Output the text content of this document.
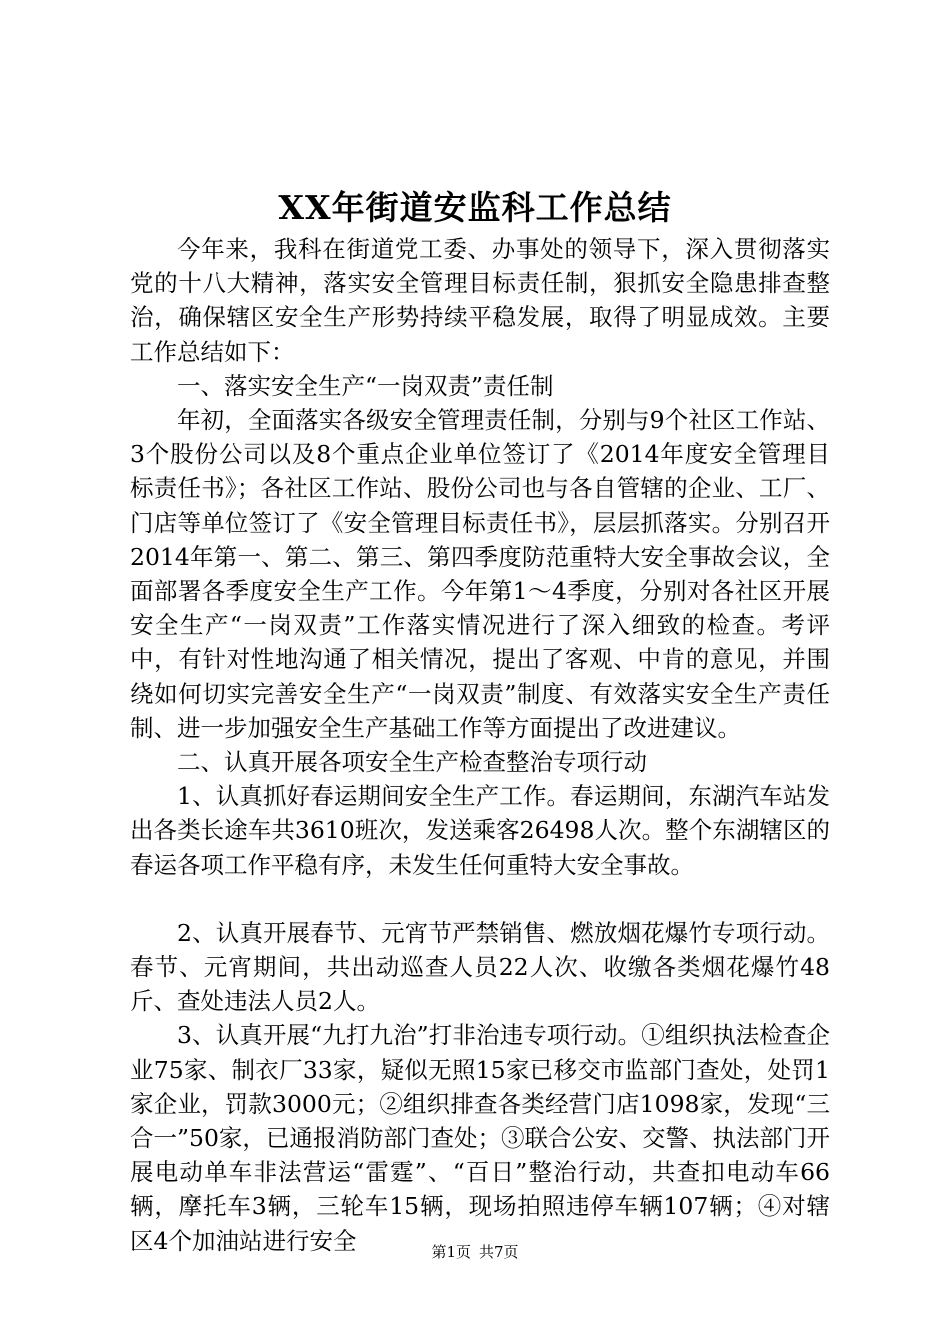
XX年街道安监科工作总结

今年来，我科在街道党工委、办事处的领导下，深入贯彻落实党的十八大精神，落实安全管理目标责任制，狠抓安全隐患排查整治，确保辖区安全生产形势持续平稳发展，取得了明显成效。主要工作总结如下：

一、落实安全生产“一岗双责”责任制

年初，全面落实各级安全管理责任制，分别与9个社区工作站、3个股份公司以及8个重点企业单位签订了《2014年度安全管理目标责任书》；各社区工作站、股份公司也与各自管辖的企业、工厂、门店等单位签订了《安全管理目标责任书》，层层抓落实。分别召开2014年第一、第二、第三、第四季度防范重特大安全事故会议，全面部署各季度安全生产工作。今年第1～4季度，分别对各社区开展安全生产“一岗双责”工作落实情况进行了深入细致的检查。考评中，有针对性地沟通了相关情况，提出了客观、中肯的意见，并围绕如何切实完善安全生产“一岗双责”制度、有效落实安全生产责任制、进一步加强安全生产基础工作等方面提出了改进建议。

二、认真开展各项安全生产检查整治专项行动

1、认真抓好春运期间安全生产工作。春运期间，东湖汽车站发出各类长途车共3610班次，发送乘客26498人次。整个东湖辖区的春运各项工作平稳有序，未发生任何重特大安全事故。

2、认真开展春节、元宵节严禁销售、燃放烟花爆竹专项行动。春节、元宵期间，共出动巡查人员22人次、收缴各类烟花爆竹48斤、查处违法人员2人。

3、认真开展“九打九治”打非治违专项行动。①组织执法检查企业75家、制衣厂33家，疑似无照15家已移交市监部门查处，处罚1家企业，罚款3000元；②组织排查各类经营门店1098家，发现“三合一”50家，已通报消防部门查处；③联合公安、交警、执法部门开展电动单车非法营运“雷霆”、“百日”整治行动，共查扣电动车66辆，摩托车3辆，三轮车15辆，现场拍照违停车辆107辆；④对辖区4个加油站进行安全	第1页 共7页
